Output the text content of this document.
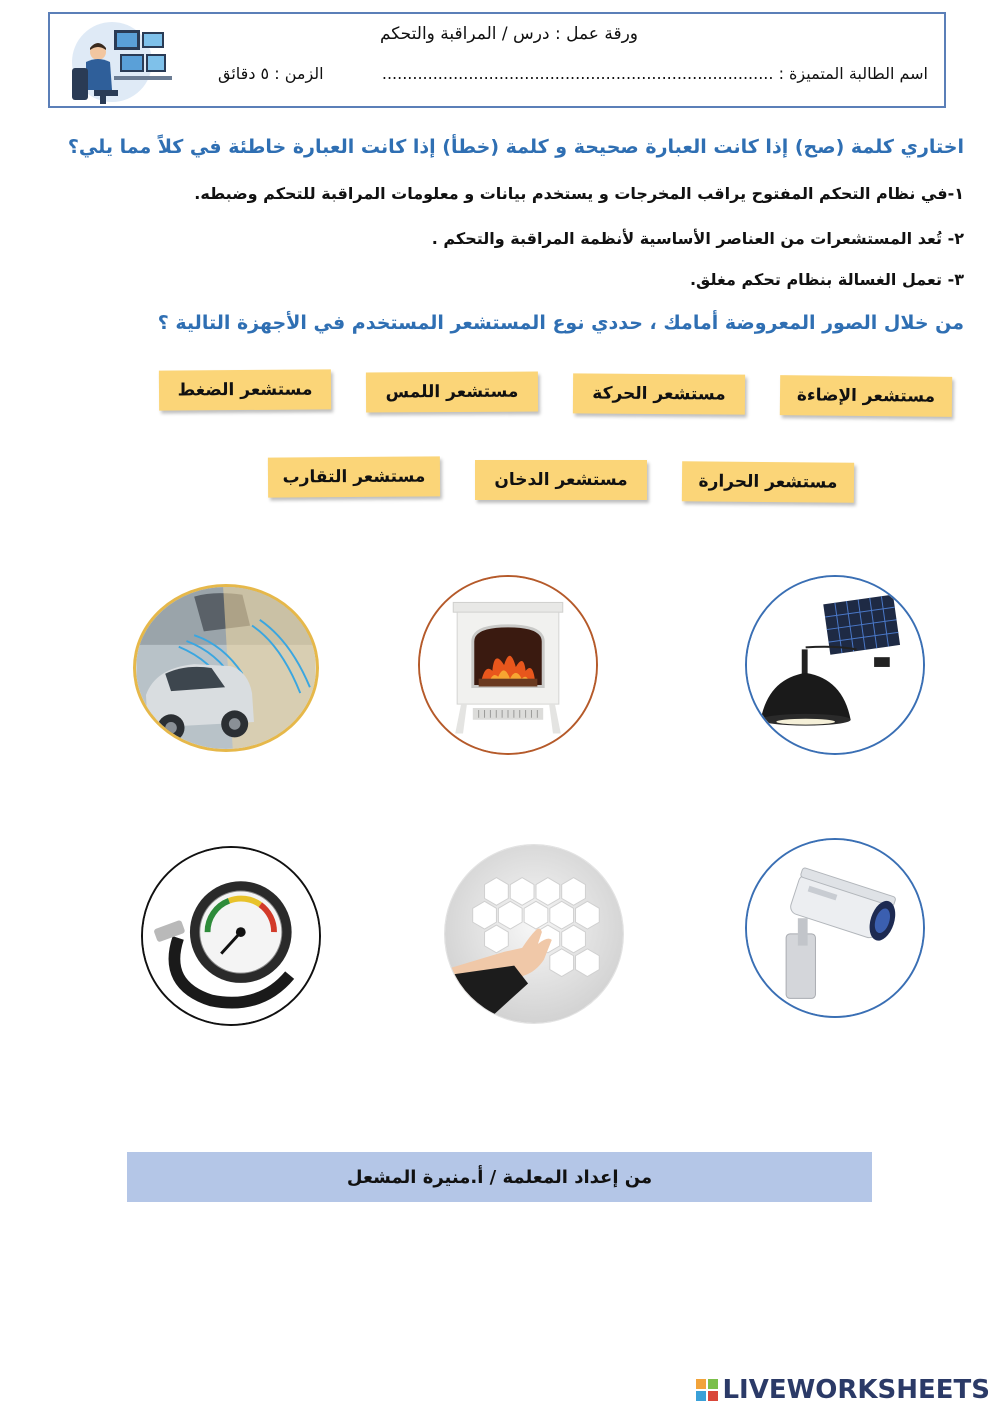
ورقة عمل : درس / المراقبة والتحكم
اسم الطالبة المتميزة : .............................................................................
الزمن : ٥ دقائق
اختاري كلمة (صح) إذا كانت العبارة صحيحة و كلمة (خطأ) إذا كانت العبارة خاطئة في كلاً مما يلي؟
١-في نظام التحكم المفتوح يراقب المخرجات و يستخدم بيانات و معلومات المراقبة للتحكم وضبطه.
٢- تُعد المستشعرات من العناصر الأساسية لأنظمة المراقبة والتحكم .
٣- تعمل الغسالة بنظام تحكم مغلق.
من خلال الصور المعروضة أمامك ، حددي نوع المستشعر المستخدم في الأجهزة التالية ؟
مستشعر الإضاءة
مستشعر الحركة
مستشعر اللمس
مستشعر الضغط
مستشعر الحرارة
مستشعر الدخان
مستشعر التقارب
من إعداد المعلمة / أ.منيرة المشعل
LIVEWORKSHEETS
